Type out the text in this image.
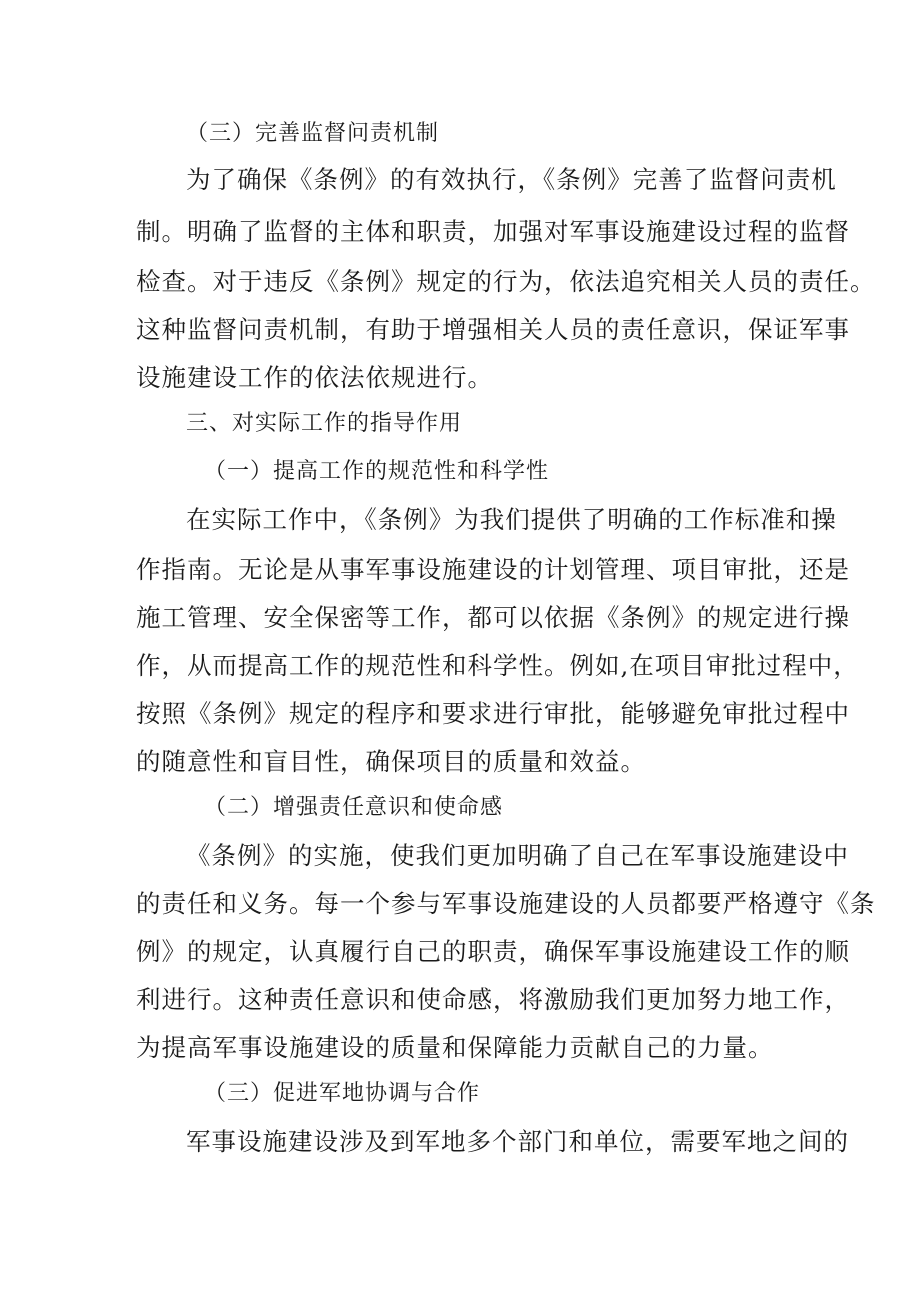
（三）完善监督问责机制
为了确保《条例》的有效执行，《条例》完善了监督问责机
制。明确了监督的主体和职责，加强对军事设施建设过程的监督
检查。对于违反《条例》规定的行为，依法追究相关人员的责任。
这种监督问责机制，有助于增强相关人员的责任意识，保证军事
设施建设工作的依法依规进行。
三、对实际工作的指导作用
（一）提高工作的规范性和科学性
在实际工作中，《条例》为我们提供了明确的工作标准和操
作指南。无论是从事军事设施建设的计划管理、项目审批，还是
施工管理、安全保密等工作，都可以依据《条例》的规定进行操
作，从而提高工作的规范性和科学性。例如,在项目审批过程中，
按照《条例》规定的程序和要求进行审批，能够避免审批过程中
的随意性和盲目性，确保项目的质量和效益。
（二）增强责任意识和使命感
《条例》的实施，使我们更加明确了自己在军事设施建设中
的责任和义务。每一个参与军事设施建设的人员都要严格遵守《条
例》的规定，认真履行自己的职责，确保军事设施建设工作的顺
利进行。这种责任意识和使命感，将激励我们更加努力地工作，
为提高军事设施建设的质量和保障能力贡献自己的力量。
（三）促进军地协调与合作
军事设施建设涉及到军地多个部门和单位，需要军地之间的
